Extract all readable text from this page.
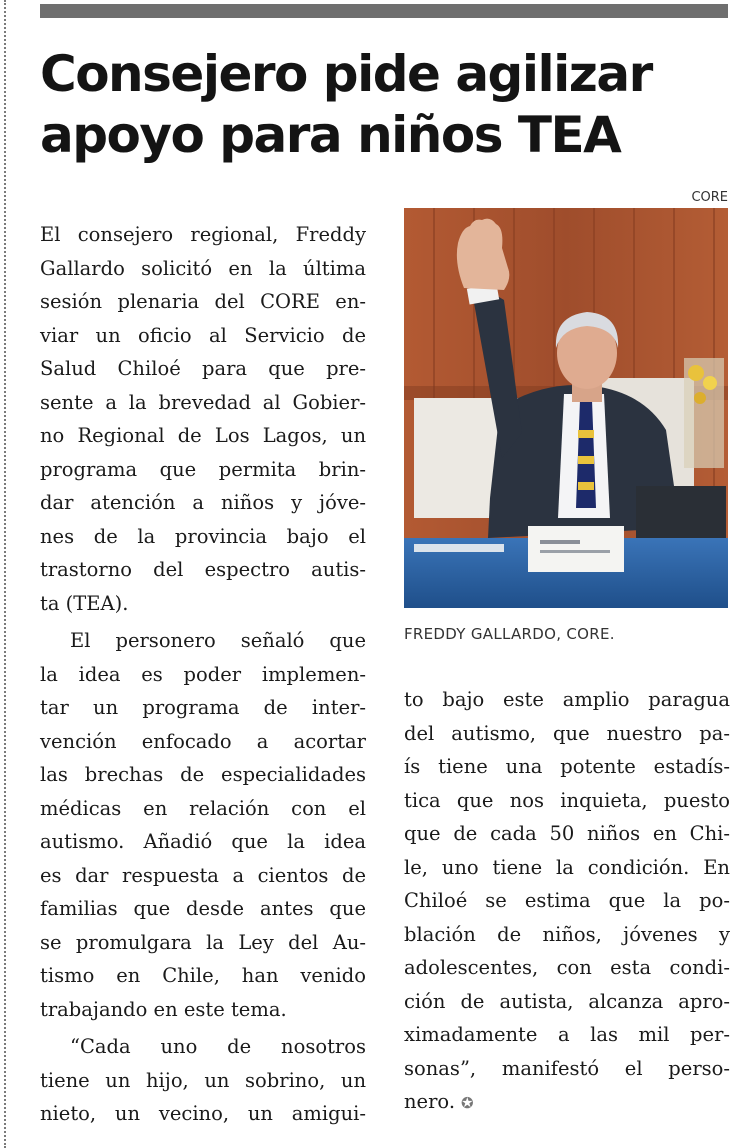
Consejero pide agilizar
apoyo para niños TEA
CORE
FREDDY GALLARDO, CORE.

El consejero regional, Freddy
Gallardo solicitó en la última
sesión plenaria del CORE en-
viar un oficio al Servicio de
Salud Chiloé para que pre-
sente a la brevedad al Gobier-
no Regional de Los Lagos, un
programa que permita brin-
dar atención a niños y jóve-
nes de la provincia bajo el
trastorno del espectro autis-
ta (TEA).

El personero señaló que
la idea es poder implemen-
tar un programa de inter-
vención enfocado a acortar
las brechas de especialidades
médicas en relación con el
autismo. Añadió que la idea
es dar respuesta a cientos de
familias que desde antes que
se promulgara la Ley del Au-
tismo en Chile, han venido
trabajando en este tema.

“Cada uno de nosotros
tiene un hijo, un sobrino, un
nieto, un vecino, un amigui-

to bajo este amplio paragua
del autismo, que nuestro pa-
ís tiene una potente estadís-
tica que nos inquieta, puesto
que de cada 50 niños en Chi-
le, uno tiene la condición. En
Chiloé se estima que la po-
blación de niños, jóvenes y
adolescentes, con esta condi-
ción de autista, alcanza apro-
ximadamente a las mil per-
sonas”, manifestó el perso-
nero. ✪
